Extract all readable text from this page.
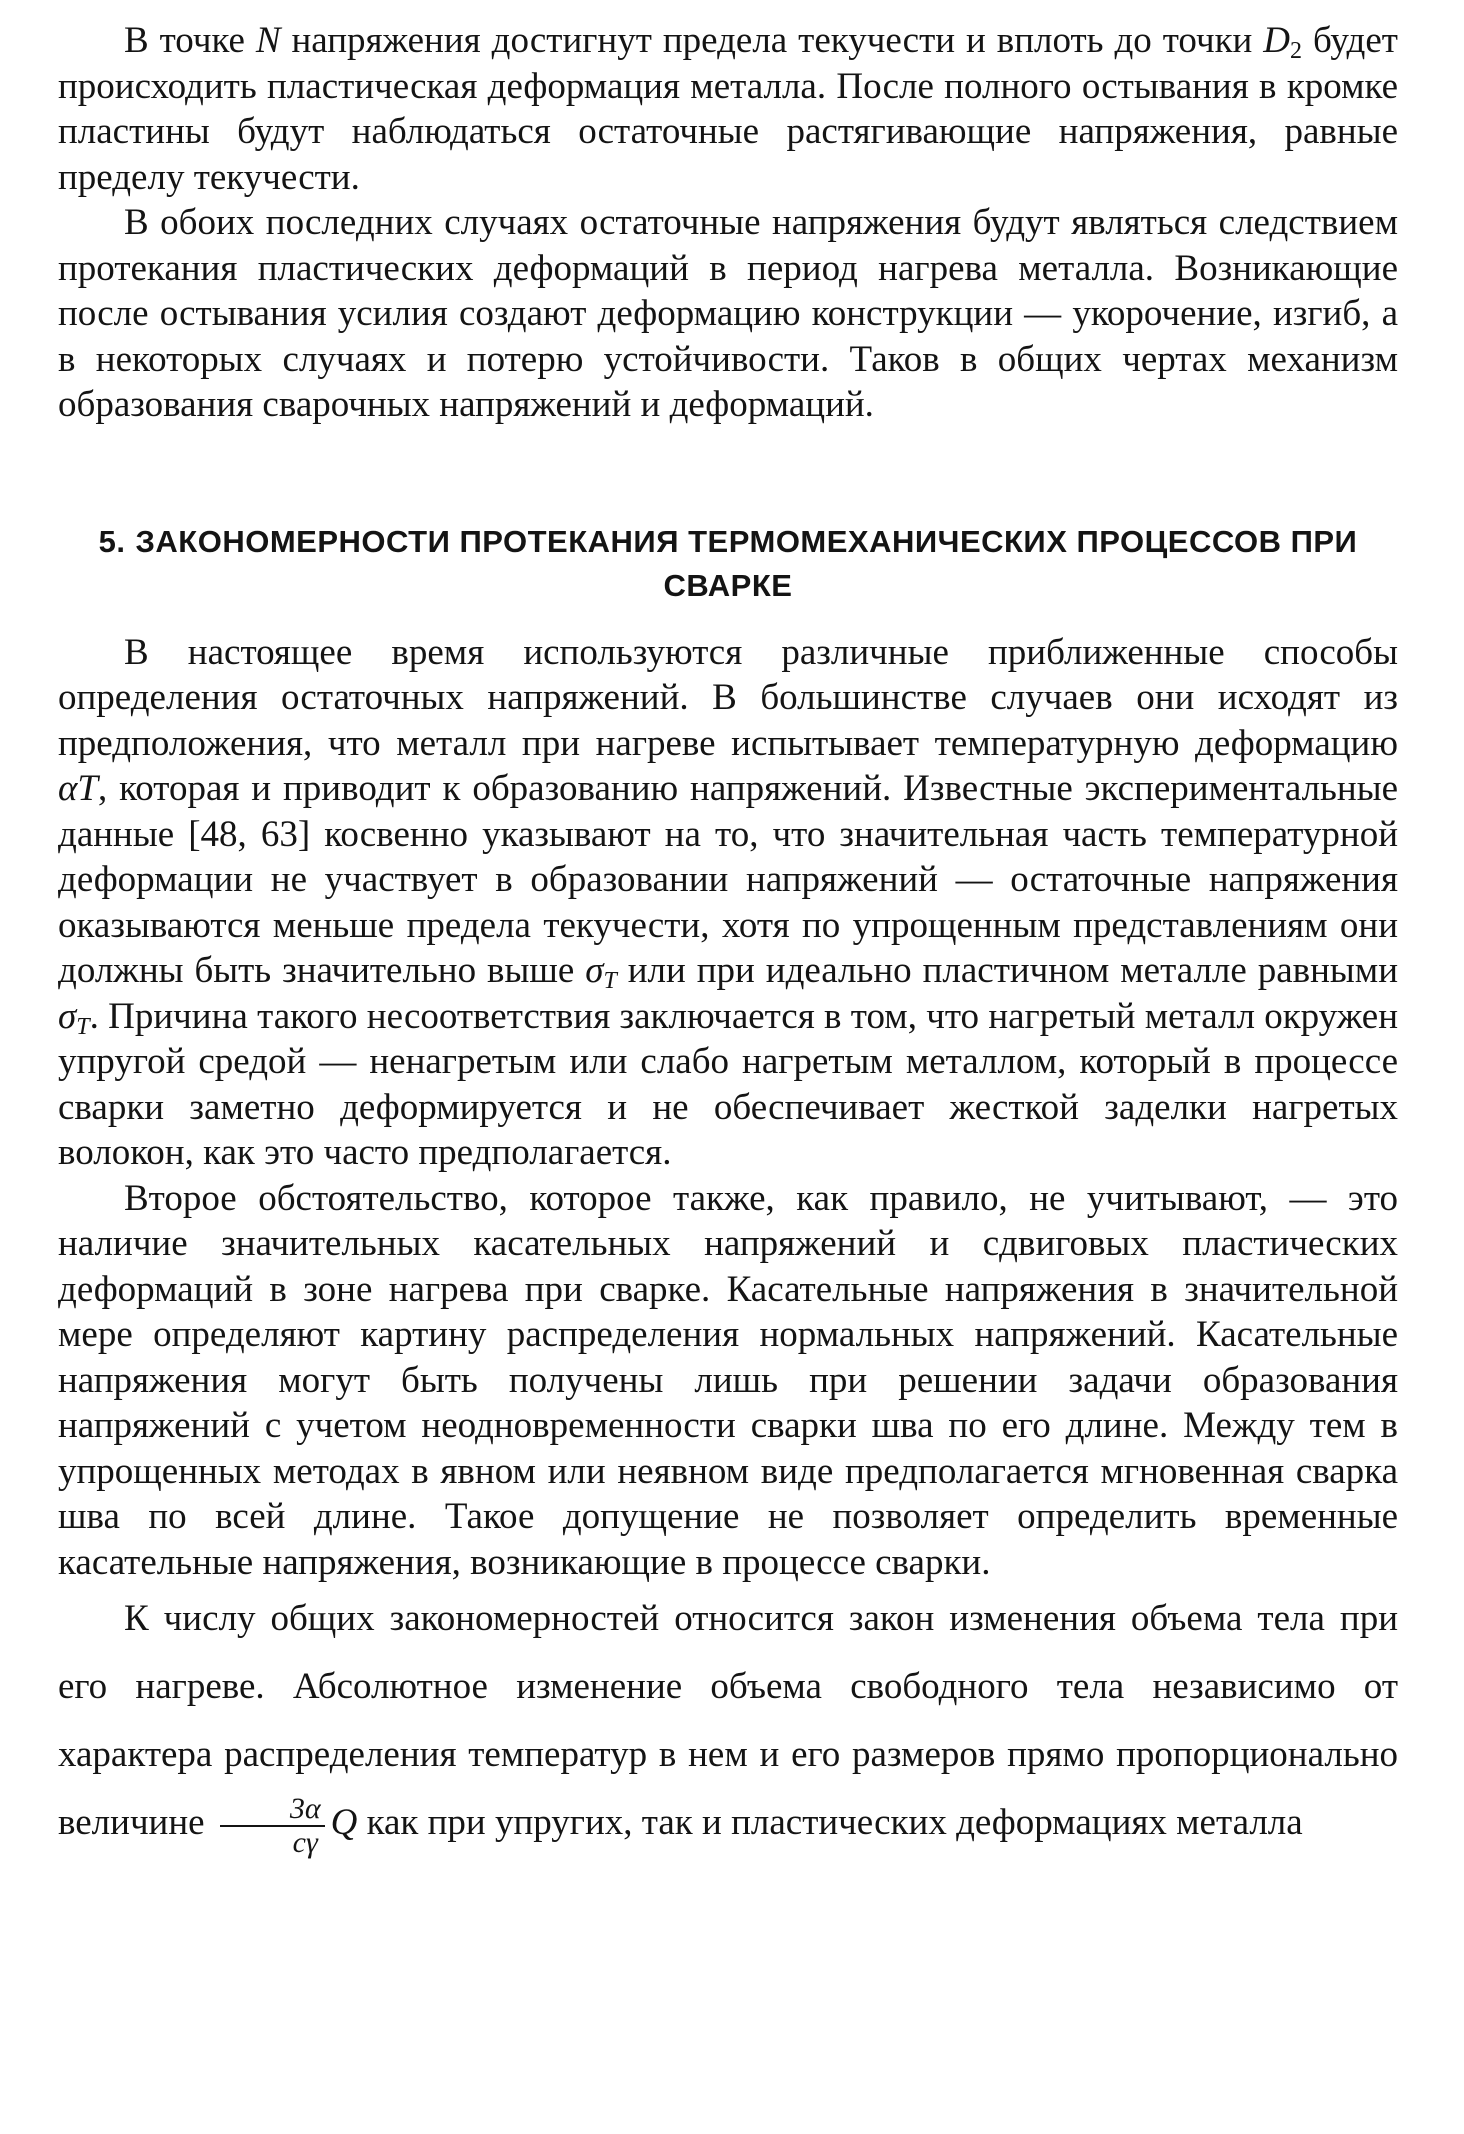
В точке N напряжения достигнут предела текучести и вплоть до точки $D_2$ будет происходить пластическая деформация металла. После полного остывания в кромке пластины будут наблюдаться остаточные растягивающие напряжения, равные пределу текучести.

В обоих последних случаях остаточные напряжения будут являться следствием протекания пластических деформаций в период нагрева металла. Возникающие после остывания усилия создают деформацию конструкции — укорочение, изгиб, а в некоторых случаях и потерю устойчивости. Таков в общих чертах механизм образования сварочных напряжений и деформаций.

5. ЗАКОНОМЕРНОСТИ ПРОТЕКАНИЯ ТЕРМОМЕХАНИЧЕСКИХ ПРОЦЕССОВ ПРИ СВАРКЕ

В настоящее время используются различные приближенные способы определения остаточных напряжений. В большинстве случаев они исходят из предположения, что металл при нагреве испытывает температурную деформацию αT, которая и приводит к образованию напряжений. Известные экспериментальные данные [48, 63] косвенно указывают на то, что значительная часть температурной деформации не участвует в образовании напряжений — остаточные напряжения оказываются меньше предела текучести, хотя по упрощенным представлениям они должны быть значительно выше $\sigma_T$ или при идеально пластичном металле равными $\sigma_T$. Причина такого несоответствия заключается в том, что нагретый металл окружен упругой средой — ненагретым или слабо нагретым металлом, который в процессе сварки заметно деформируется и не обеспечивает жесткой заделки нагретых волокон, как это часто предполагается.

Второе обстоятельство, которое также, как правило, не учитывают, — это наличие значительных касательных напряжений и сдвиговых пластических деформаций в зоне нагрева при сварке. Касательные напряжения в значительной мере определяют картину распределения нормальных напряжений. Касательные напряжения могут быть получены лишь при решении задачи образования напряжений с учетом неодновременности сварки шва по его длине. Между тем в упрощенных методах в явном или неявном виде предполагается мгновенная сварка шва по всей длине. Такое допущение не позволяет определить временные касательные напряжения, возникающие в процессе сварки.

К числу общих закономерностей относится закон изменения объема тела при его нагреве. Абсолютное изменение объема свободного тела независимо от характера распределения температур в нем и его размеров прямо пропорционально величине $\frac{3\alpha}{c\gamma}$ Q как при упругих, так и пластических деформациях металла
